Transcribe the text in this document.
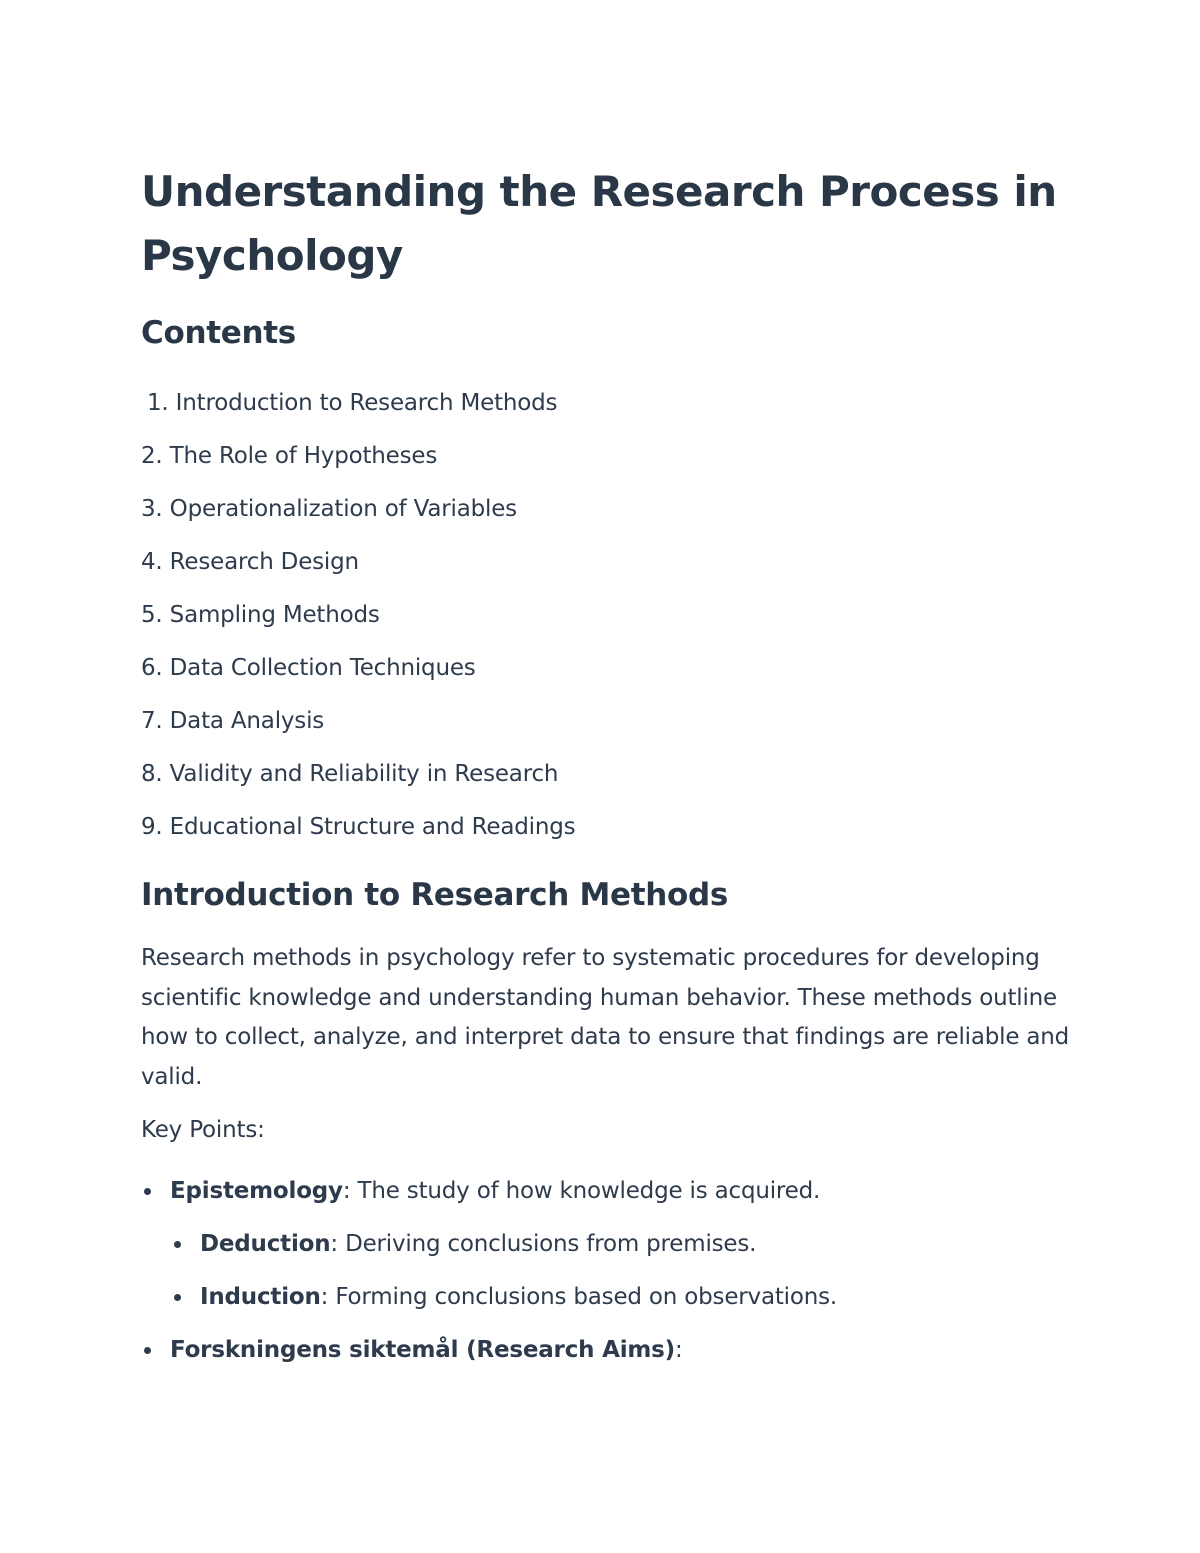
Understanding the Research Process in Psychology
Contents
1. Introduction to Research Methods
2. The Role of Hypotheses
3. Operationalization of Variables
4. Research Design
5. Sampling Methods
6. Data Collection Techniques
7. Data Analysis
8. Validity and Reliability in Research
9. Educational Structure and Readings
Introduction to Research Methods

Research methods in psychology refer to systematic procedures for developing scientific knowledge and understanding human behavior. These methods outline how to collect, analyze, and interpret data to ensure that findings are reliable and valid.

Key Points:

Epistemology: The study of how knowledge is acquired.
Deduction: Deriving conclusions from premises.
Induction: Forming conclusions based on observations.
Forskningens siktemål (Research Aims):
